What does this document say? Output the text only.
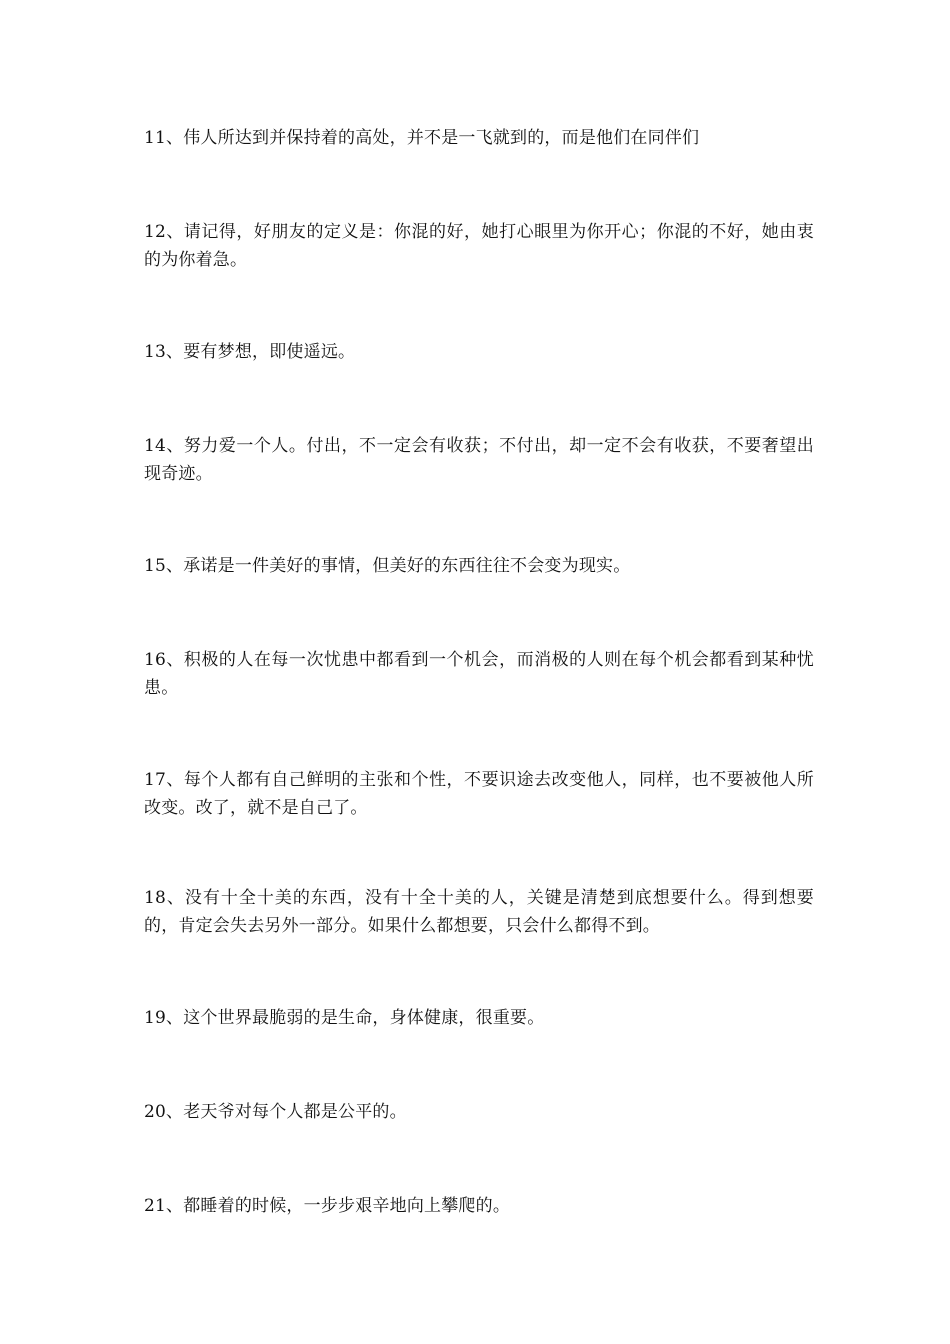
11、伟人所达到并保持着的高处，并不是一飞就到的，而是他们在同伴们

12、请记得，好朋友的定义是：你混的好，她打心眼里为你开心；你混的不好，她由衷的为你着急。

13、要有梦想，即使遥远。

14、努力爱一个人。付出，不一定会有收获；不付出，却一定不会有收获，不要奢望出现奇迹。

15、承诺是一件美好的事情，但美好的东西往往不会变为现实。

16、积极的人在每一次忧患中都看到一个机会，而消极的人则在每个机会都看到某种忧患。

17、每个人都有自己鲜明的主张和个性，不要识途去改变他人，同样，也不要被他人所改变。改了，就不是自己了。

18、没有十全十美的东西，没有十全十美的人，关键是清楚到底想要什么。得到想要的，肯定会失去另外一部分。如果什么都想要，只会什么都得不到。

19、这个世界最脆弱的是生命，身体健康，很重要。

20、老天爷对每个人都是公平的。

21、都睡着的时候，一步步艰辛地向上攀爬的。
